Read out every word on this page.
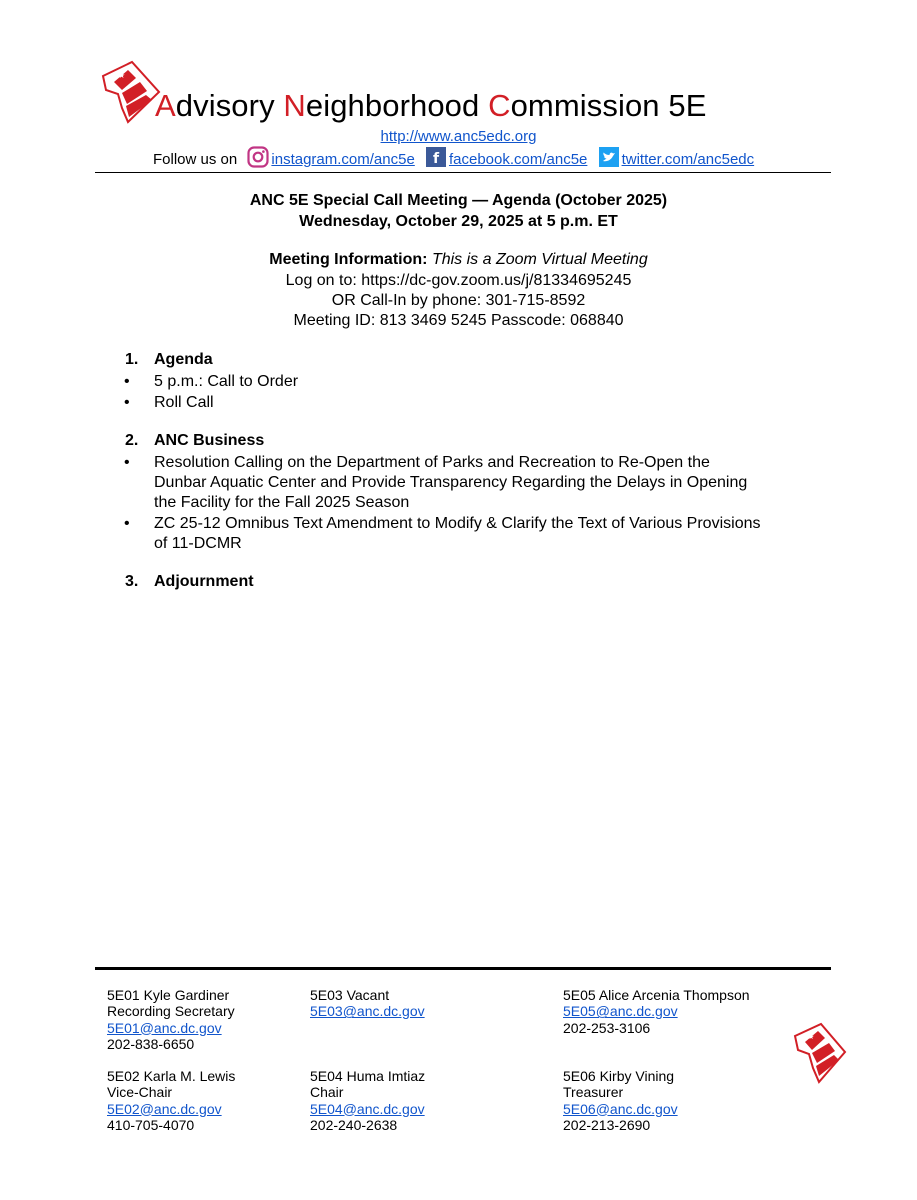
★
Advisory Neighborhood Commission 5E
http://www.anc5edc.org
Follow us on instagram.com/anc5e f facebook.com/anc5e twitter.com/anc5edc
ANC 5E Special Call Meeting — Agenda (October 2025)
Wednesday, October 29, 2025 at 5 p.m. ET
Meeting Information: This is a Zoom Virtual Meeting
Log on to: https://dc-gov.zoom.us/j/81334695245
OR Call-In by phone: 301-715-8592
Meeting ID: 813 3469 5245 Passcode: 068840
1. Agenda
• 5 p.m.: Call to Order
• Roll Call
2. ANC Business
• Resolution Calling on the Department of Parks and Recreation to Re-Open the Dunbar Aquatic Center and Provide Transparency Regarding the Delays in Opening the Facility for the Fall 2025 Season
• ZC 25-12 Omnibus Text Amendment to Modify & Clarify the Text of Various Provisions of 11-DCMR
3. Adjournment
5E01 Kyle Gardiner
Recording Secretary
5E01@anc.dc.gov
202-838-6650
5E02 Karla M. Lewis
Vice-Chair
5E02@anc.dc.gov
410-705-4070
5E03 Vacant
5E03@anc.dc.gov
5E04 Huma Imtiaz
Chair
5E04@anc.dc.gov
202-240-2638
5E05 Alice Arcenia Thompson
5E05@anc.dc.gov
202-253-3106
5E06 Kirby Vining
Treasurer
5E06@anc.dc.gov
202-213-2690
★
